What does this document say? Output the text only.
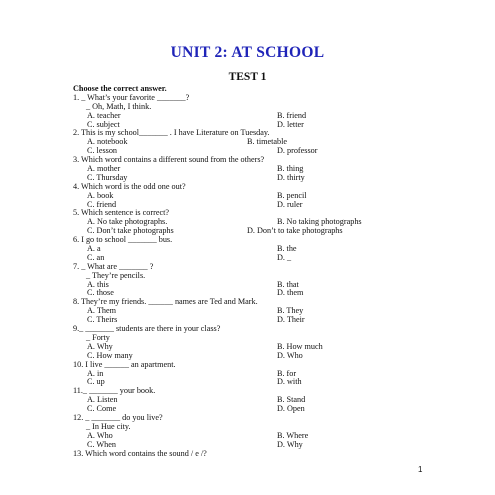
UNIT 2: AT SCHOOL
TEST 1
Choose the correct answer.
1. _ What’s your favorite _______?
_ Oh, Math, I think.
A. teacher	B. friend
C. subject	D. letter
2. This is my school_______ . I have Literature on Tuesday.
A. notebook	B. timetable
C. lesson	D. professor
3. Which word contains a different sound from the others?
A. mother	B. thing
C. Thursday	D. thirty
4. Which word is the odd one out?
A. book	B. pencil
C. friend	D. ruler
5. Which sentence is correct?
A. No take photographs.	B. No taking photographs
C. Don’t take photographs	D. Don’t to take photographs
6. I go to school _______ bus.
A. a	B. the
C. an	D. _
7. _ What are _______ ?
_ They’re pencils.
A. this	B. that
C. those	D. them
8. They’re my friends. ______ names are Ted and Mark.
A. Them	B. They
C. Theirs	D. Their
9._ _______ students are there in your class?
_ Forty
A. Why	B. How much
C. How many	D. Who
10. I live ______ an apartment.
A. in	B. for
C. up	D. with
11._ _______ your book.
A. Listen	B. Stand
C. Come	D. Open
12. _ _______ do you live?
_ In Hue city.
A. Who	B. Where
C. When	D. Why
13. Which word contains the sound / e /?
1
